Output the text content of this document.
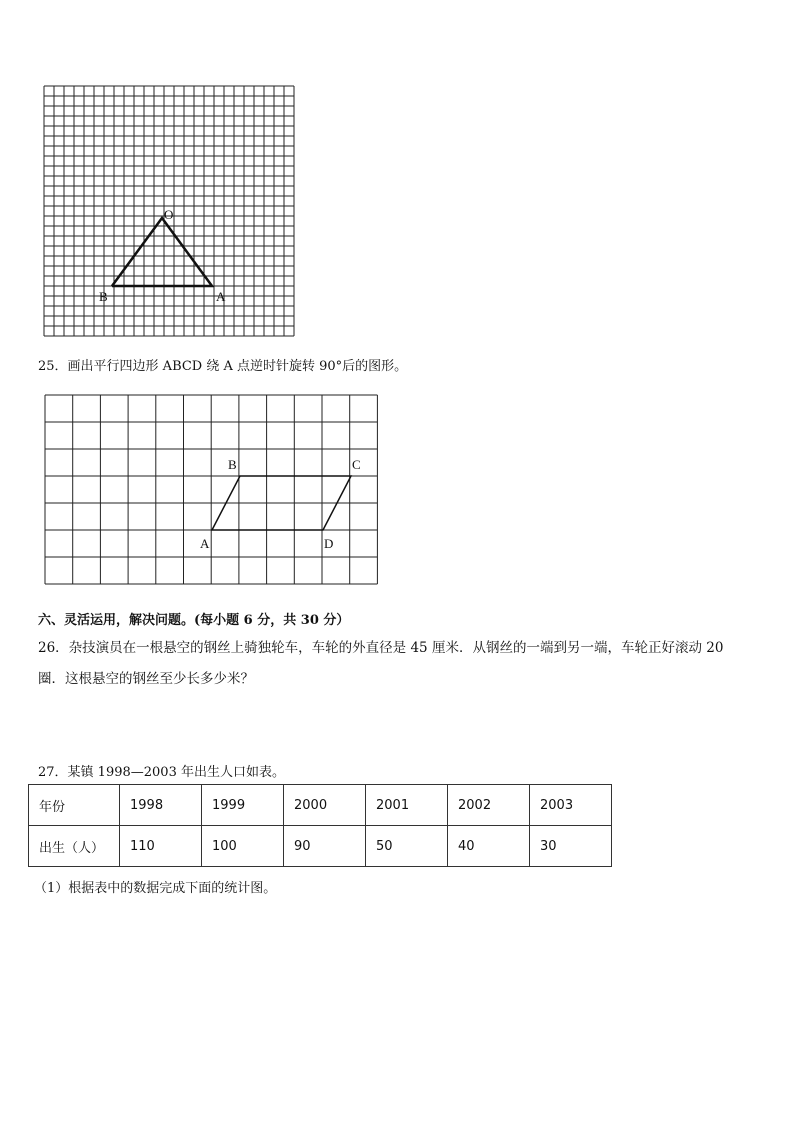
O
B	A
25．画出平行四边形 ABCD 绕 A 点逆时针旋转 90°后的图形。
B	C
A	D
六、灵活运用，解决问题。(每小题 6 分，共 30 分）
26．杂技演员在一根悬空的钢丝上骑独轮车，车轮的外直径是 45 厘米．从钢丝的一端到另一端，车轮正好滚动 20
圈．这根悬空的钢丝至少长多少米？
27．某镇 1998—2003 年出生人口如表。
年份	1998	1999	2000	2001	2002	2003
出生（人）	110	100	90	50	40	30
（1）根据表中的数据完成下面的统计图。
